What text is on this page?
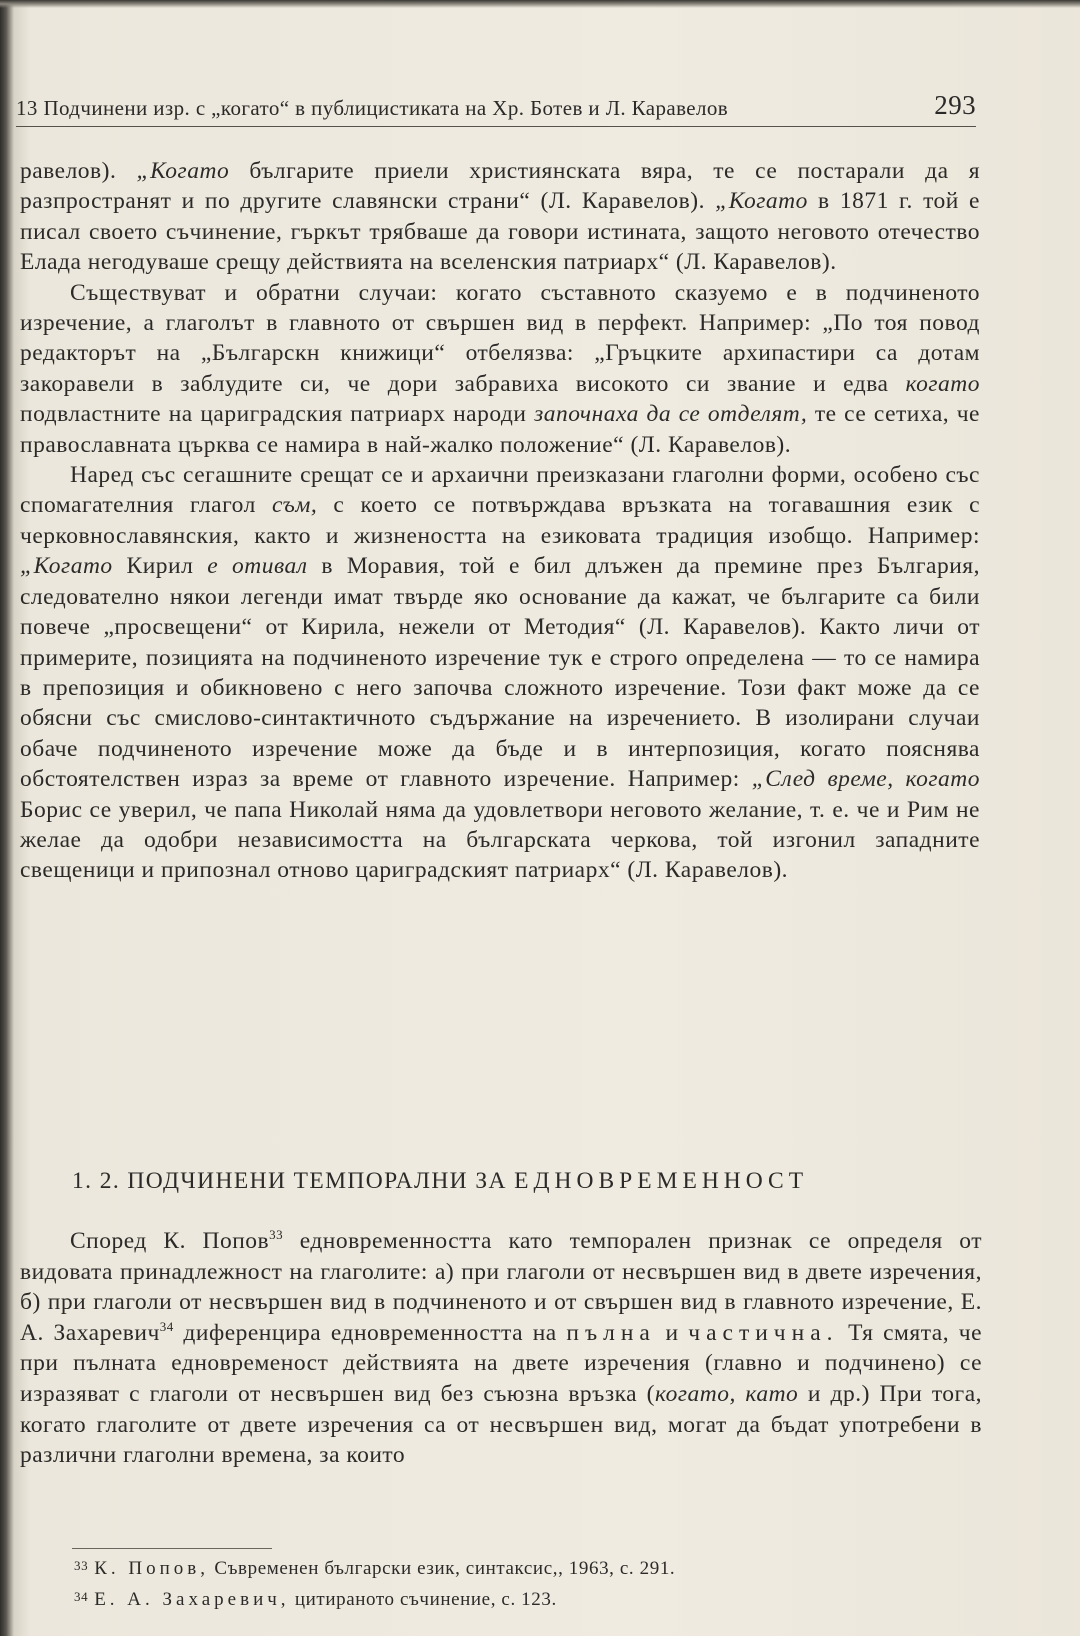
13 Подчинени изр. с „когато“ в публицистиката на Хр. Ботев и Л. Каравелов	293

равелов). „Когато българите приели християнската вяра, те се постарали да я разпространят и по другите славянски страни“ (Л. Каравелов). „Когато в 1871 г. той е писал своето съчинение, гъркът трябваше да говори истината, защото неговото отечество Елада негодуваше срещу действията на вселенския патриарх“ (Л. Каравелов).

Съществуват и обратни случаи: когато съставното сказуемо е в подчиненото изречение, а глаголът в главното от свършен вид в перфект. Например: „По тоя повод редакторът на „Българскн книжици“ отбелязва: „Гръцките архипастири са дотам закоравели в заблудите си, че дори забравиха високото си звание и едва когато подвластните на цариградския патриарх народи започнаха да се отделят, те се сетиха, че православната църква се намира в най-жалко положение“ (Л. Каравелов).

Наред със сегашните срещат се и архаични преизказани глаголни форми, особено със спомагателния глагол съм, с което се потвърждава връзката на тогавашния език с черковнославянския, както и жизнеността на езиковата традиция изобщо. Например: „Когато Кирил е отивал в Моравия, той е бил длъжен да премине през България, следователно някои легенди имат твърде яко основание да кажат, че българите са били повече „просвещени“ от Кирила, нежели от Методия“ (Л. Каравелов). Както личи от примерите, позицията на подчиненото изречение тук е строго определена — то се намира в препозиция и обикновено с него започва сложното изречение. Този факт може да се обясни със смислово-синтактичното съдържание на изречението. В изолирани случаи обаче подчиненото изречение може да бъде и в интерпозиция, когато пояснява обстоятелствен израз за време от главното изречение. Например: „След време, когато Борис се уверил, че папа Николай няма да удовлетвори неговото желание, т. е. че и Рим не желае да одобри независимостта на българската черкова, той изгонил западните свещеници и припознал отново цариградският патриарх“ (Л. Каравелов).

1. 2. ПОДЧИНЕНИ ТЕМПОРАЛНИ ЗА ЕДНОВРЕМЕННОСТ

Според К. Попов$^{33}$ едновременността като темпорален признак се определя от видовата принадлежност на глаголите: а) при глаголи от несвършен вид в двете изречения, б) при глаголи от несвършен вид в подчиненото и от свършен вид в главното изречение, Е. А. Захаревич$^{34}$ диференцира едновременността на пълна и частична. Тя смята, че при пълната едновременост действията на двете изречения (главно и подчинено) се изразяват с глаголи от несвършен вид без съюзна връзка (когато, като и др.) При тога, когато глаголите от двете изречения са от несвършен вид, могат да бъдат употребени в различни глаголни времена, за които

$^{33}$ К. Попов, Съвременен български език, синтаксис,, 1963, с. 291.
$^{34}$ Е. А. Захаревич, цитираното съчинение, с. 123.
